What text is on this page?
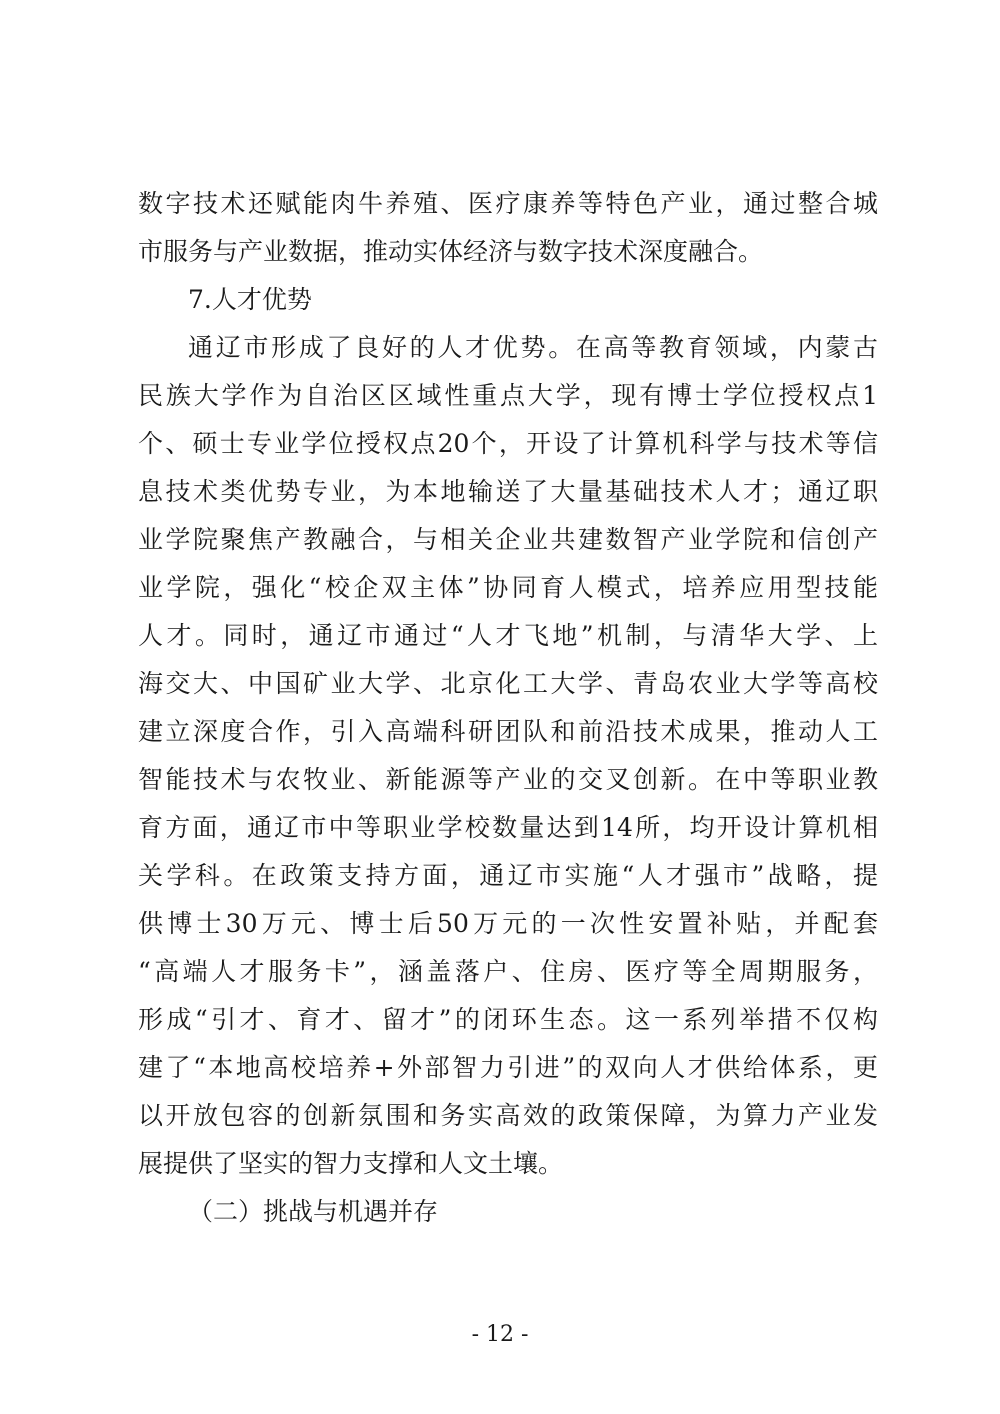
数字技术还赋能肉牛养殖、医疗康养等特色产业，通过整合城
市服务与产业数据，推动实体经济与数字技术深度融合。
7.人才优势
通辽市形成了良好的人才优势。在高等教育领域，内蒙古
民族大学作为自治区区域性重点大学，现有博士学位授权点1
个、硕士专业学位授权点20个，开设了计算机科学与技术等信
息技术类优势专业，为本地输送了大量基础技术人才；通辽职
业学院聚焦产教融合，与相关企业共建数智产业学院和信创产
业学院，强化“校企双主体”协同育人模式，培养应用型技能
人才。同时，通辽市通过“人才飞地”机制，与清华大学、上
海交大、中国矿业大学、北京化工大学、青岛农业大学等高校
建立深度合作，引入高端科研团队和前沿技术成果，推动人工
智能技术与农牧业、新能源等产业的交叉创新。在中等职业教
育方面，通辽市中等职业学校数量达到14所，均开设计算机相
关学科。在政策支持方面，通辽市实施“人才强市”战略，提
供博士30万元、博士后50万元的一次性安置补贴，并配套
“高端人才服务卡”，涵盖落户、住房、医疗等全周期服务，
形成“引才、育才、留才”的闭环生态。这一系列举措不仅构
建了“本地高校培养+外部智力引进”的双向人才供给体系，更
以开放包容的创新氛围和务实高效的政策保障，为算力产业发
展提供了坚实的智力支撑和人文土壤。
（二）挑战与机遇并存
- 12 -
